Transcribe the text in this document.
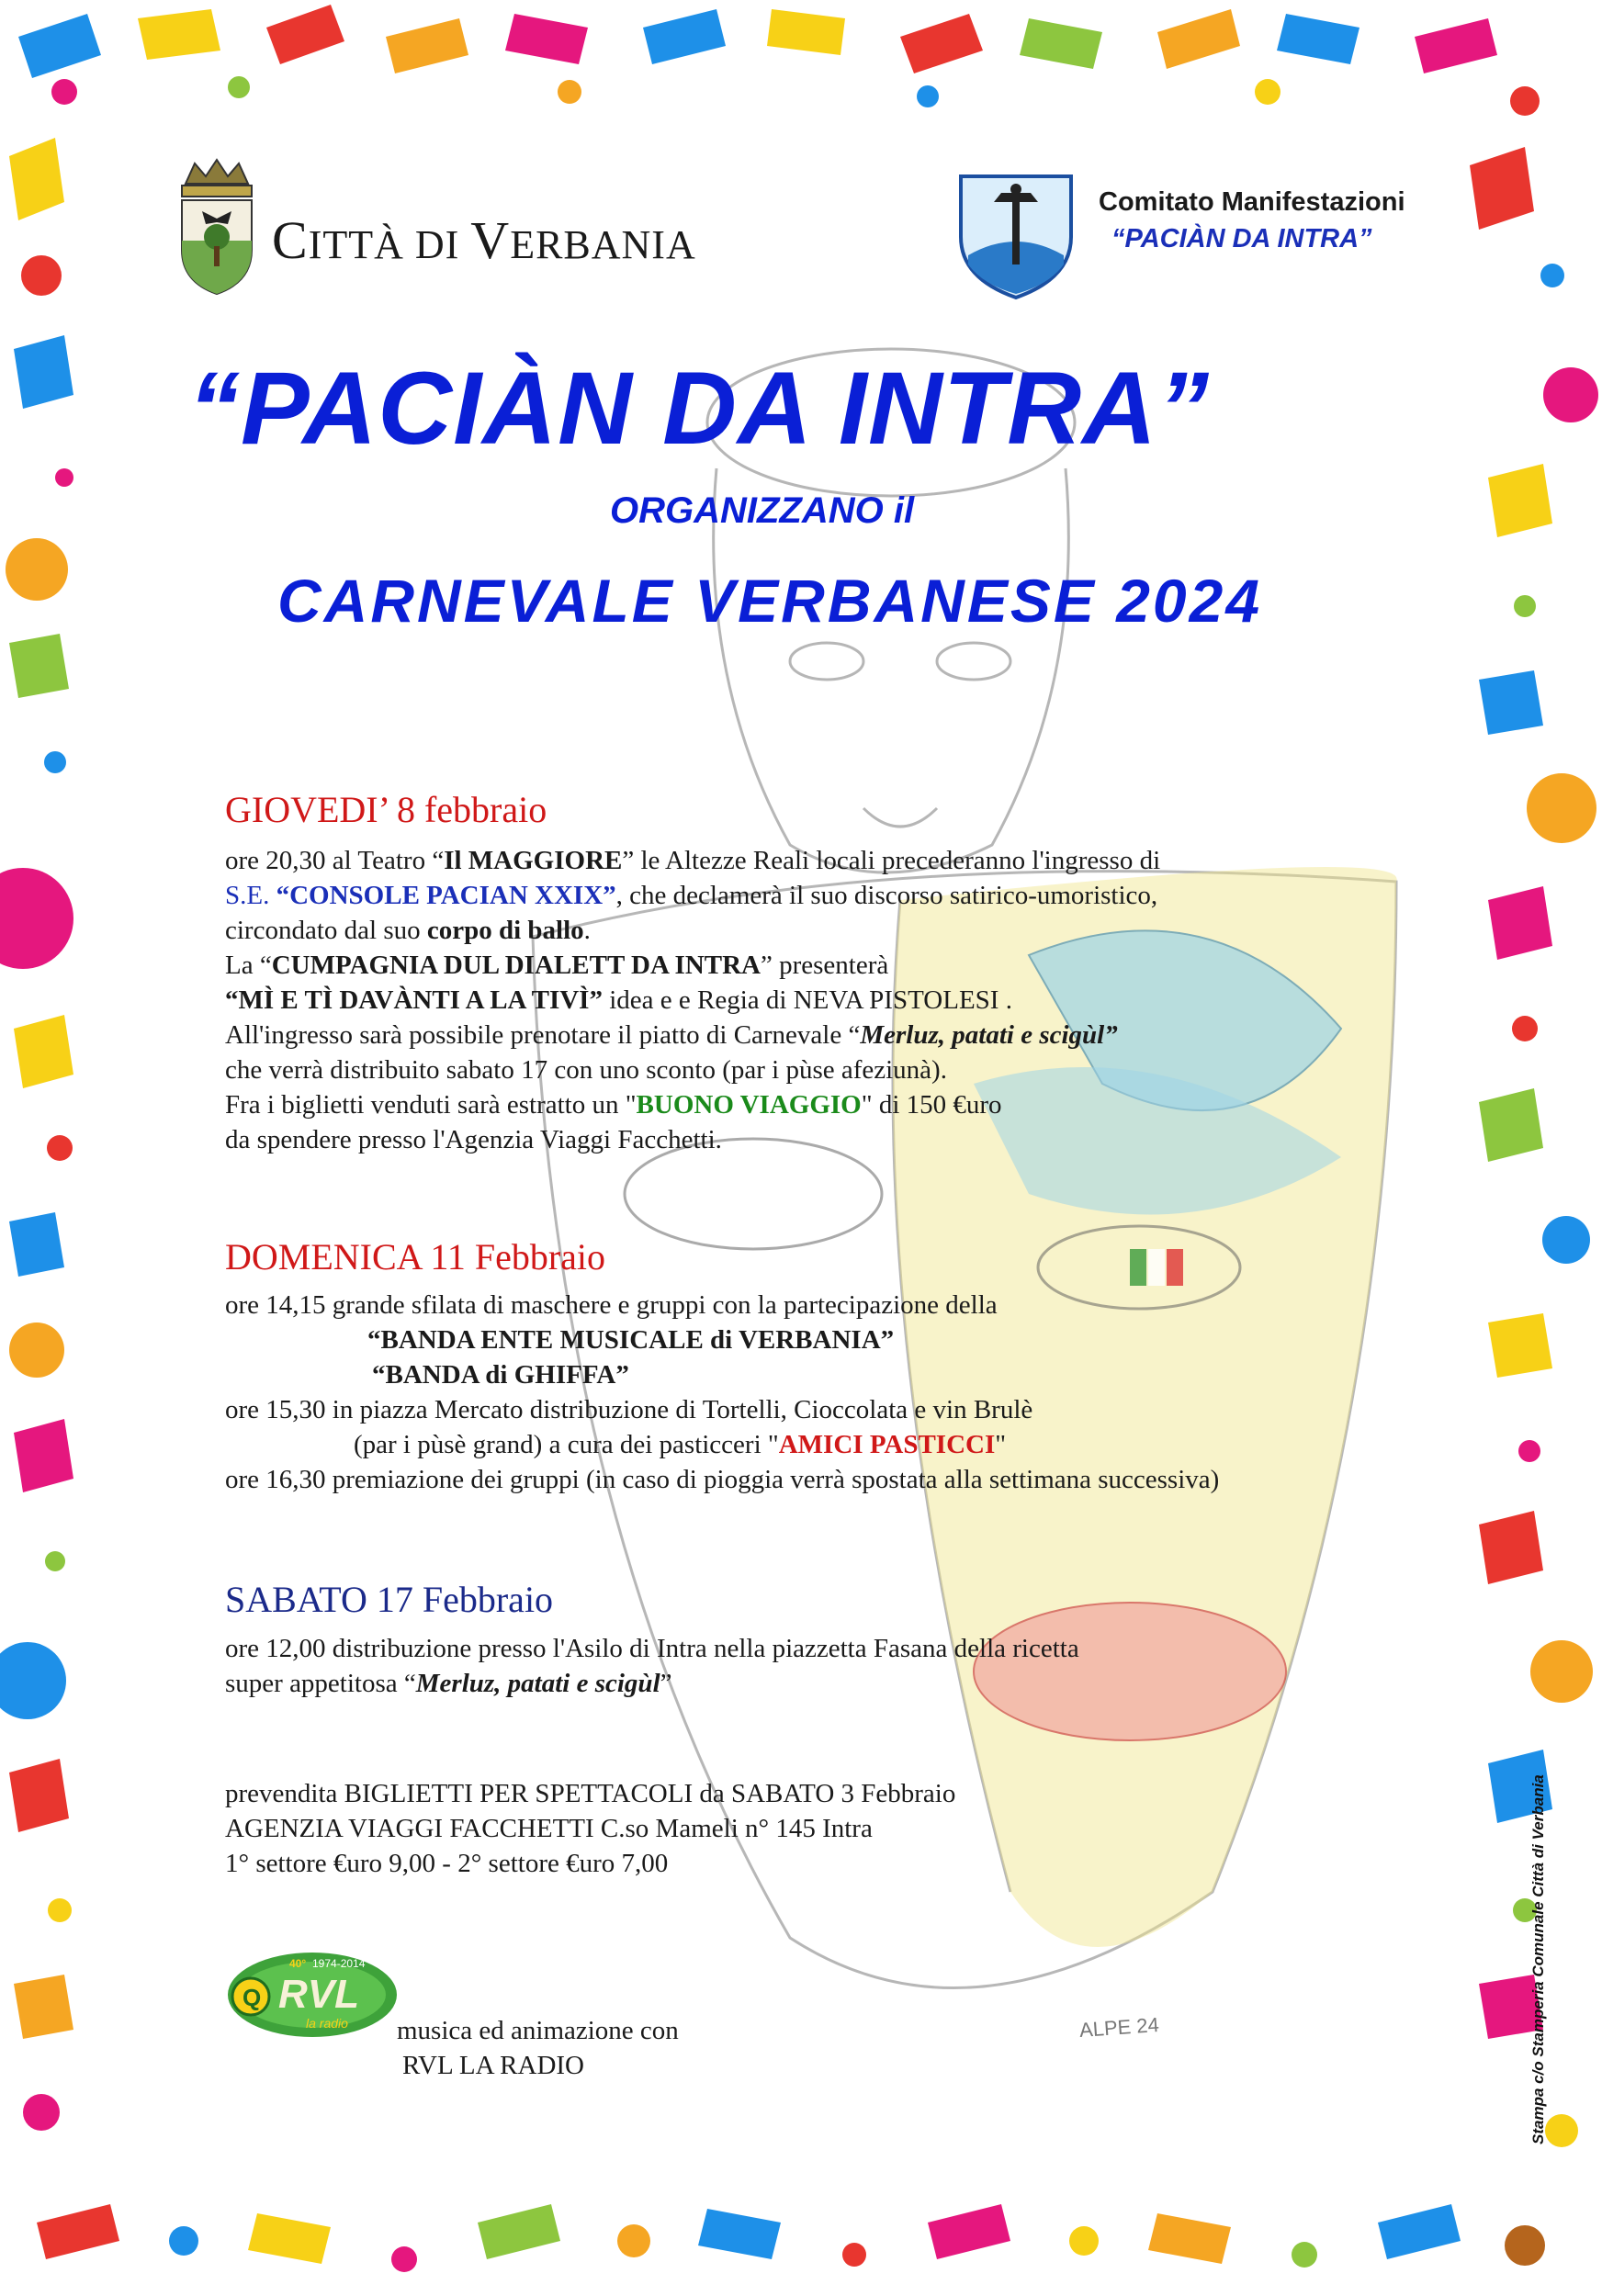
CITTÀ DI VERBANIA
Comitato Manifestazioni
“PACIÀN DA INTRA”
“PACIÀN DA INTRA”
ORGANIZZANO il
CARNEVALE VERBANESE 2024
GIOVEDI’ 8 febbraio
ore 20,30 al Teatro “Il MAGGIORE” le Altezze Reali locali precederanno l'ingresso di
S.E. “CONSOLE PACIAN XXIX”, che declamerà il suo discorso satirico-umoristico,
circondato dal suo corpo di ballo.
La “CUMPAGNIA DUL DIALETT DA INTRA” presenterà
“MÌ E TÌ DAVÀNTI A LA TIVÌ” idea e e Regia di NEVA PISTOLESI .
All'ingresso sarà possibile prenotare il piatto di Carnevale “Merluz, patati e scigùl”
che verrà distribuito sabato 17 con uno sconto (par i pùse afeziunà).
Fra i biglietti venduti sarà estratto un "BUONO VIAGGIO" di 150 €uro
da spendere presso l'Agenzia Viaggi Facchetti.
DOMENICA 11 Febbraio
ore 14,15 grande sfilata di maschere e gruppi con la partecipazione della
“BANDA ENTE MUSICALE di VERBANIA”
“BANDA di GHIFFA”
ore 15,30 in piazza Mercato distribuzione di Tortelli, Cioccolata e vin Brulè
(par i pùsè grand) a cura dei pasticceri "AMICI PASTICCI"
ore 16,30 premiazione dei gruppi (in caso di pioggia verrà spostata alla settimana successiva)
SABATO 17 Febbraio
ore 12,00 distribuzione presso l'Asilo di Intra nella piazzetta Fasana della ricetta
super appetitosa “Merluz, patati e scigùl”
prevendita BIGLIETTI PER SPETTACOLI da SABATO 3 Febbraio
AGENZIA VIAGGI FACCHETTI C.so Mameli n° 145 Intra
1° settore €uro 9,00 - 2° settore €uro 7,00
Q RVL
la radio
1974-2014
40°
musica ed animazione con
RVL LA RADIO
ALPE 24	Stampa c/o Stamperia Comunale Città di Verbania
